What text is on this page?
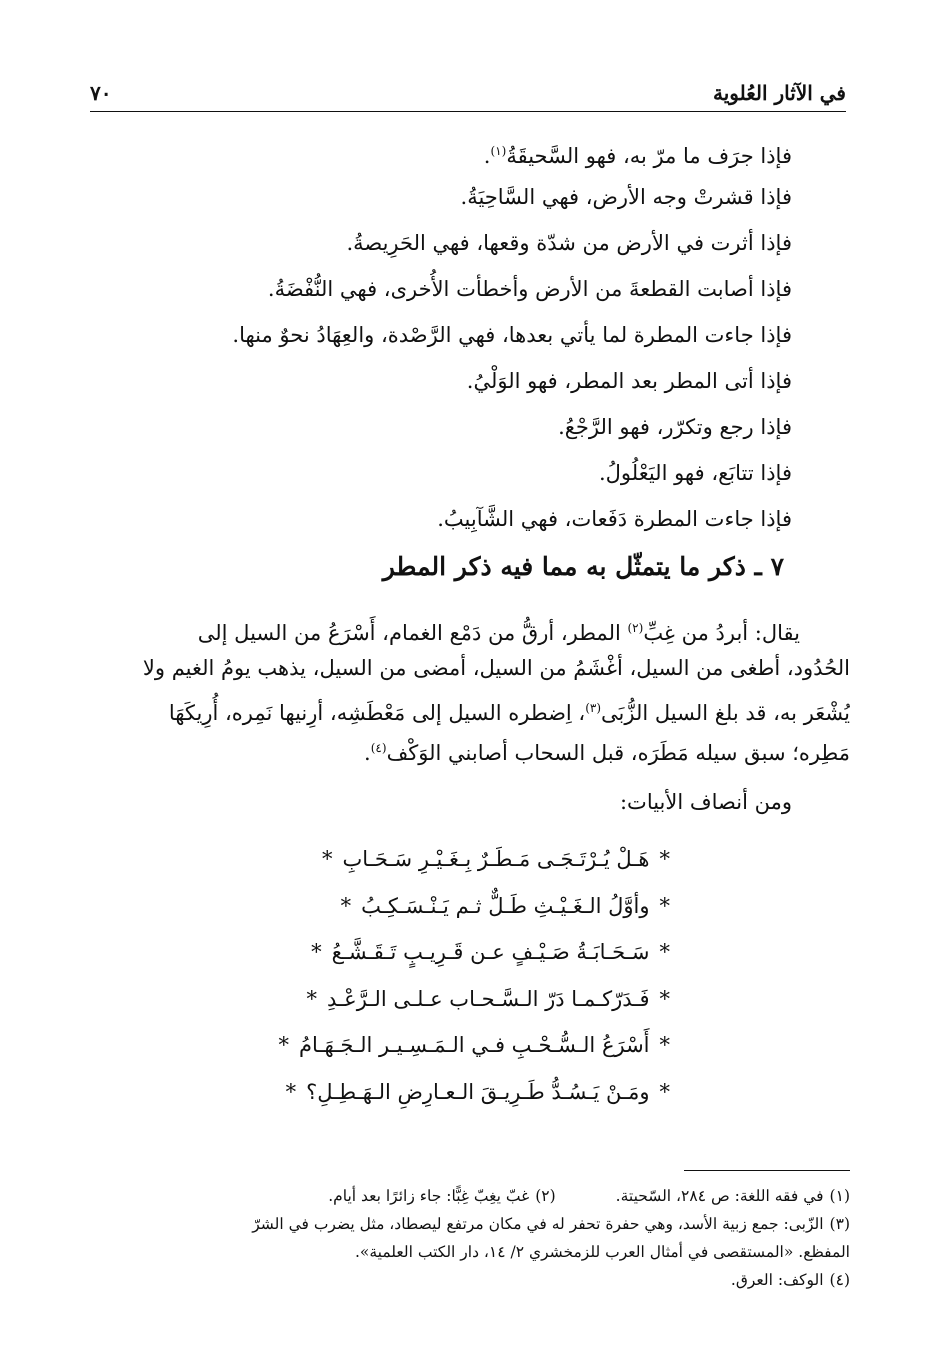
في الآثار العُلوية
٧٠
فإذا جرَف ما مرّ به، فهو السَّحيقَةُ$^{(١)}$.
فإذا قشرتْ وجه الأرض، فهي السَّاحِيَةُ.
فإذا أثرت في الأرض من شدّة وقعها، فهي الحَرِيصةُ.
فإذا أصابت القطعةَ من الأرض وأخطأت الأُخرى، فهي النُّفْضَةُ.
فإذا جاءت المطرة لما يأتي بعدها، فهي الرَّصْدة، والعِهَادُ نحوٌ منها.
فإذا أتى المطر بعد المطر، فهو الوَلْيُ.
فإذا رجع وتكرّر، فهو الرَّجْعُ.
فإذا تتابَع، فهو اليَعْلُولُ.
فإذا جاءت المطرة دَفَعات، فهي الشَّآبِيبُ.
٧ ـ ذكر ما يتمثّل به مما فيه ذكر المطر
يقال: أبردُ من غِبِّ$^{(٢)}$ المطر، أرقُّ من دَمْع الغمام، أَسْرَعُ من السيل إلى
الحُدُود، أطغى من السيل، أغْشَمُ من السيل، أمضى من السيل، يذهب يومُ الغيم ولا
يُشْعَر به، قد بلغ السيل الزُّبَى$^{(٣)}$، اِضطره السيل إلى مَعْطَشِه، أرِنيها نَمِره، أُرِيكَهَا
مَطِره؛ سبق سيله مَطَرَه، قبل السحاب أصابني الوَكْف$^{(٤)}$.
ومن أنصاف الأبيات:
*هَـلْ يُـرْتَـجَـى مَـطَـرٌ بِـغَـيْـرِ سَـحَـابِ*
*وأوَّلُ الـغَـيْـثِ طَـلٌّ ثـم يَـنْـسَـكِـبُ*
*سَـحَـابَـةُ صَـيْـفٍ عـن قَـرِيـبٍ تَـقَـشَّـعُ*
*فَـدَرّكـمـا دَرّ الـسَّـحـاب عـلـى الـرَّعْـدِ*
*أَسْرَعُ الـسُّـحْـبِ فـي الـمَـسِـيـر الـجَـهَـامُ*
*ومَـنْ يَـسُـدُّ طَـرِيـقَ الـعـارِضِ الـهَـطِـلِ؟*
(١)في فقه اللغة: ص ٢٨٤، السّحيتة.(٢)غبّ يغِبّ غِبًّا: جاء زائرًا بعد أيام.
(٣)الزّبى: جمع زبية الأسد، وهي حفرة تحفر له في مكان مرتفع ليصطاد، مثل يضرب في الشرّ
المفظع. «المستقصى في أمثال العرب للزمخشري ٢/ ١٤، دار الكتب العلمية».
(٤)الوكف: العرق.
